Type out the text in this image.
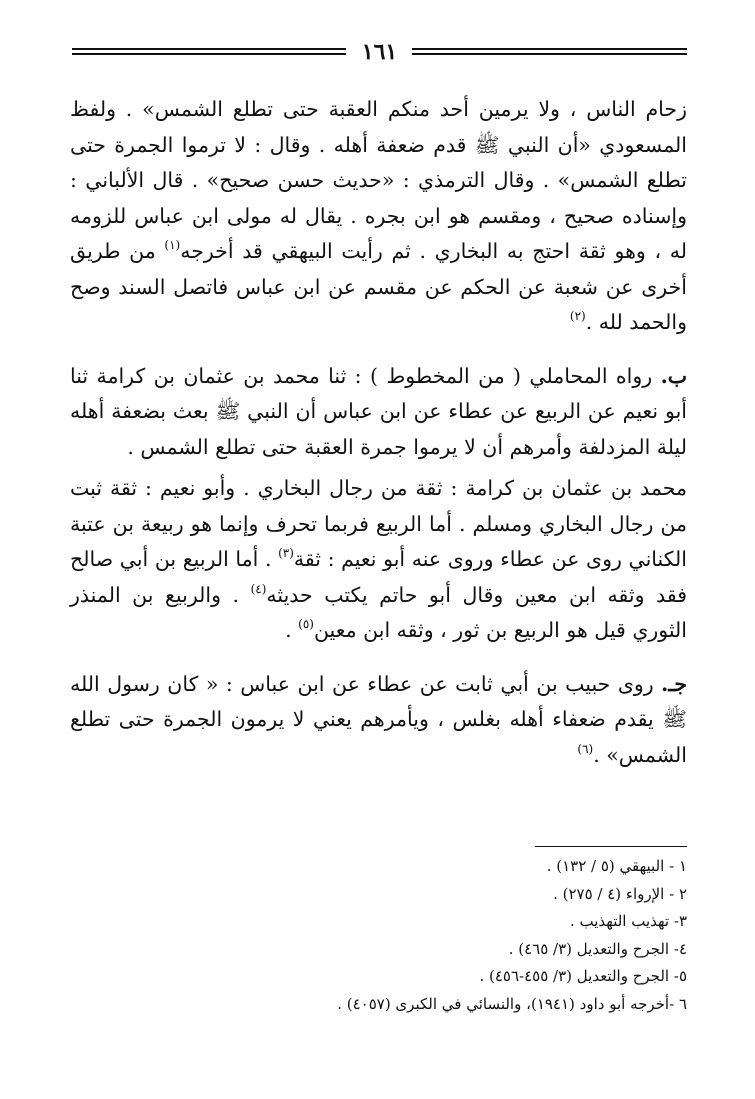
١٦١

زحام الناس ، ولا يرمين أحد منكم العقبة حتى تطلع الشمس» . ولفظ المسعودي «أن النبي ﷺ قدم ضعفة أهله . وقال : لا ترموا الجمرة حتى تطلع الشمس» . وقال الترمذي : «حديث حسن صحيح» . قال الألباني : وإسناده صحيح ، ومقسم هو ابن بجره . يقال له مولى ابن عباس للزومه له ، وهو ثقة احتج به البخاري . ثم رأيت البيهقي قد أخرجه$^{(١)}$ من طريق أخرى عن شعبة عن الحكم عن مقسم عن ابن عباس فاتصل السند وصح والحمد لله .$^{(٢)}$

ب. رواه المحاملي ( من المخطوط ) : ثنا محمد بن عثمان بن كرامة ثنا أبو نعيم عن الربيع عن عطاء عن ابن عباس أن النبي ﷺ بعث بضعفة أهله ليلة المزدلفة وأمرهم أن لا يرموا جمرة العقبة حتى تطلع الشمس .

محمد بن عثمان بن كرامة : ثقة من رجال البخاري . وأبو نعيم : ثقة ثبت من رجال البخاري ومسلم . أما الربيع فربما تحرف وإنما هو ربيعة بن عتبة الكناني روى عن عطاء وروى عنه أبو نعيم : ثقة$^{(٣)}$ . أما الربيع بن أبي صالح فقد وثقه ابن معين وقال أبو حاتم يكتب حديثه$^{(٤)}$ . والربيع بن المنذر الثوري قيل هو الربيع بن ثور ، وثقه ابن معين$^{(٥)}$ .

جـ. روى حبيب بن أبي ثابت عن عطاء عن ابن عباس : « كان رسول الله ﷺ يقدم ضعفاء أهله بغلس ، ويأمرهم يعني لا يرمون الجمرة حتى تطلع الشمس» .$^{(٦)}$

١ - البيهقي (٥ / ١٣٢) .

٢ - الإرواء (٤ / ٢٧٥) .

٣- تهذيب التهذيب .

٤- الجرح والتعديل (٣/ ٤٦٥) .

٥- الجرح والتعديل (٣/ ٤٥٥-٤٥٦) .

٦ -أخرجه أبو داود (١٩٤١)، والنسائي في الكبرى (٤٠٥٧) .
